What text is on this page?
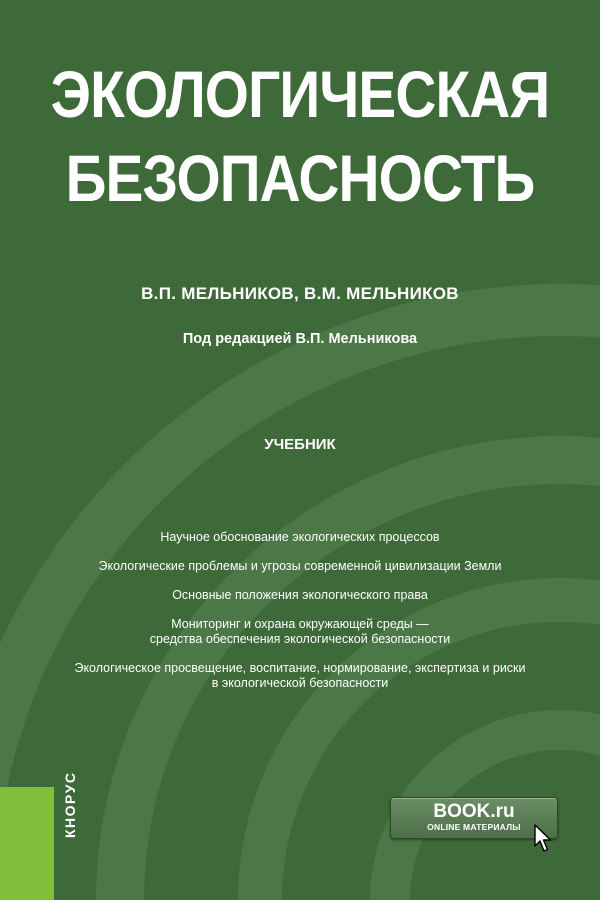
ЭКОЛОГИЧЕСКАЯ
БЕЗОПАСНОСТЬ
В.П. МЕЛЬНИКОВ, В.М. МЕЛЬНИКОВ
Под редакцией В.П. Мельникова
УЧЕБНИК
Научное обоснование экологических процессов
Экологические проблемы и угрозы современной цивилизации Земли
Основные положения экологического права
Мониторинг и охрана окружающей среды —
средства обеспечения экологической безопасности
Экологическое просвещение, воспитание, нормирование, экспертиза и риски
в экологической безопасности
КНОРУС	BOOK.ru
ONLINE МАТЕРИАЛЫ
